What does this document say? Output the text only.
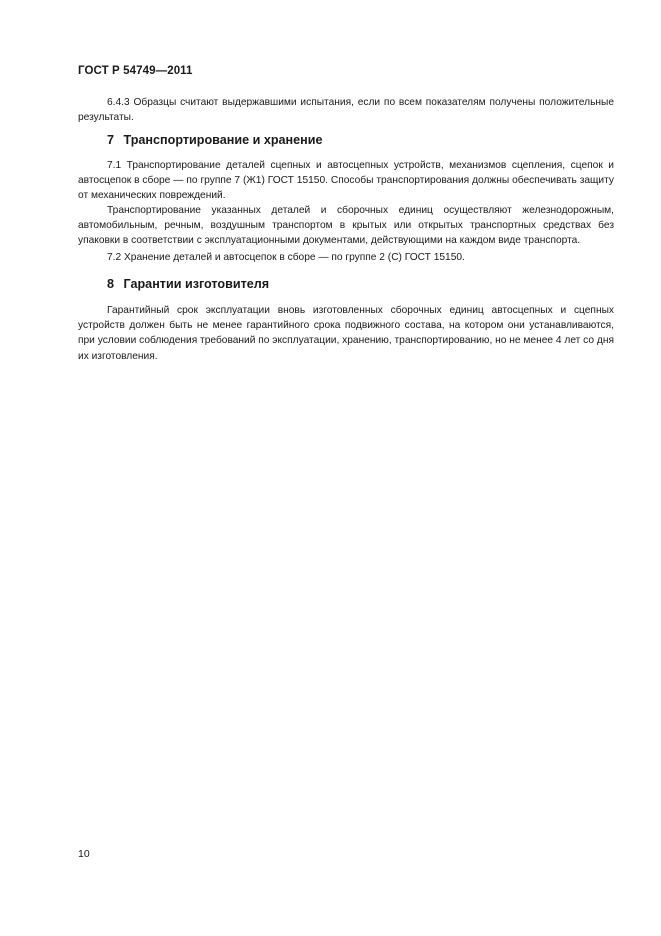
ГОСТ Р 54749—2011

6.4.3 Образцы считают выдержавшими испытания, если по всем показателям получены положительные результаты.

7 Транспортирование и хранение

7.1 Транспортирование деталей сцепных и автосцепных устройств, механизмов сцепления, сцепок и автосцепок в сборе — по группе 7 (Ж1) ГОСТ 15150. Способы транспортирования должны обеспечивать защиту от механических повреждений.

Транспортирование указанных деталей и сборочных единиц осуществляют железнодорожным, автомобильным, речным, воздушным транспортом в крытых или открытых транспортных средствах без упаковки в соответствии с эксплуатационными документами, действующими на каждом виде транспорта.

7.2 Хранение деталей и автосцепок в сборе — по группе 2 (С) ГОСТ 15150.

8 Гарантии изготовителя

Гарантийный срок эксплуатации вновь изготовленных сборочных единиц автосцепных и сцепных устройств должен быть не менее гарантийного срока подвижного состава, на котором они устанавливаются, при условии соблюдения требований по эксплуатации, хранению, транспортированию, но не менее 4 лет со дня их изготовления.

10
